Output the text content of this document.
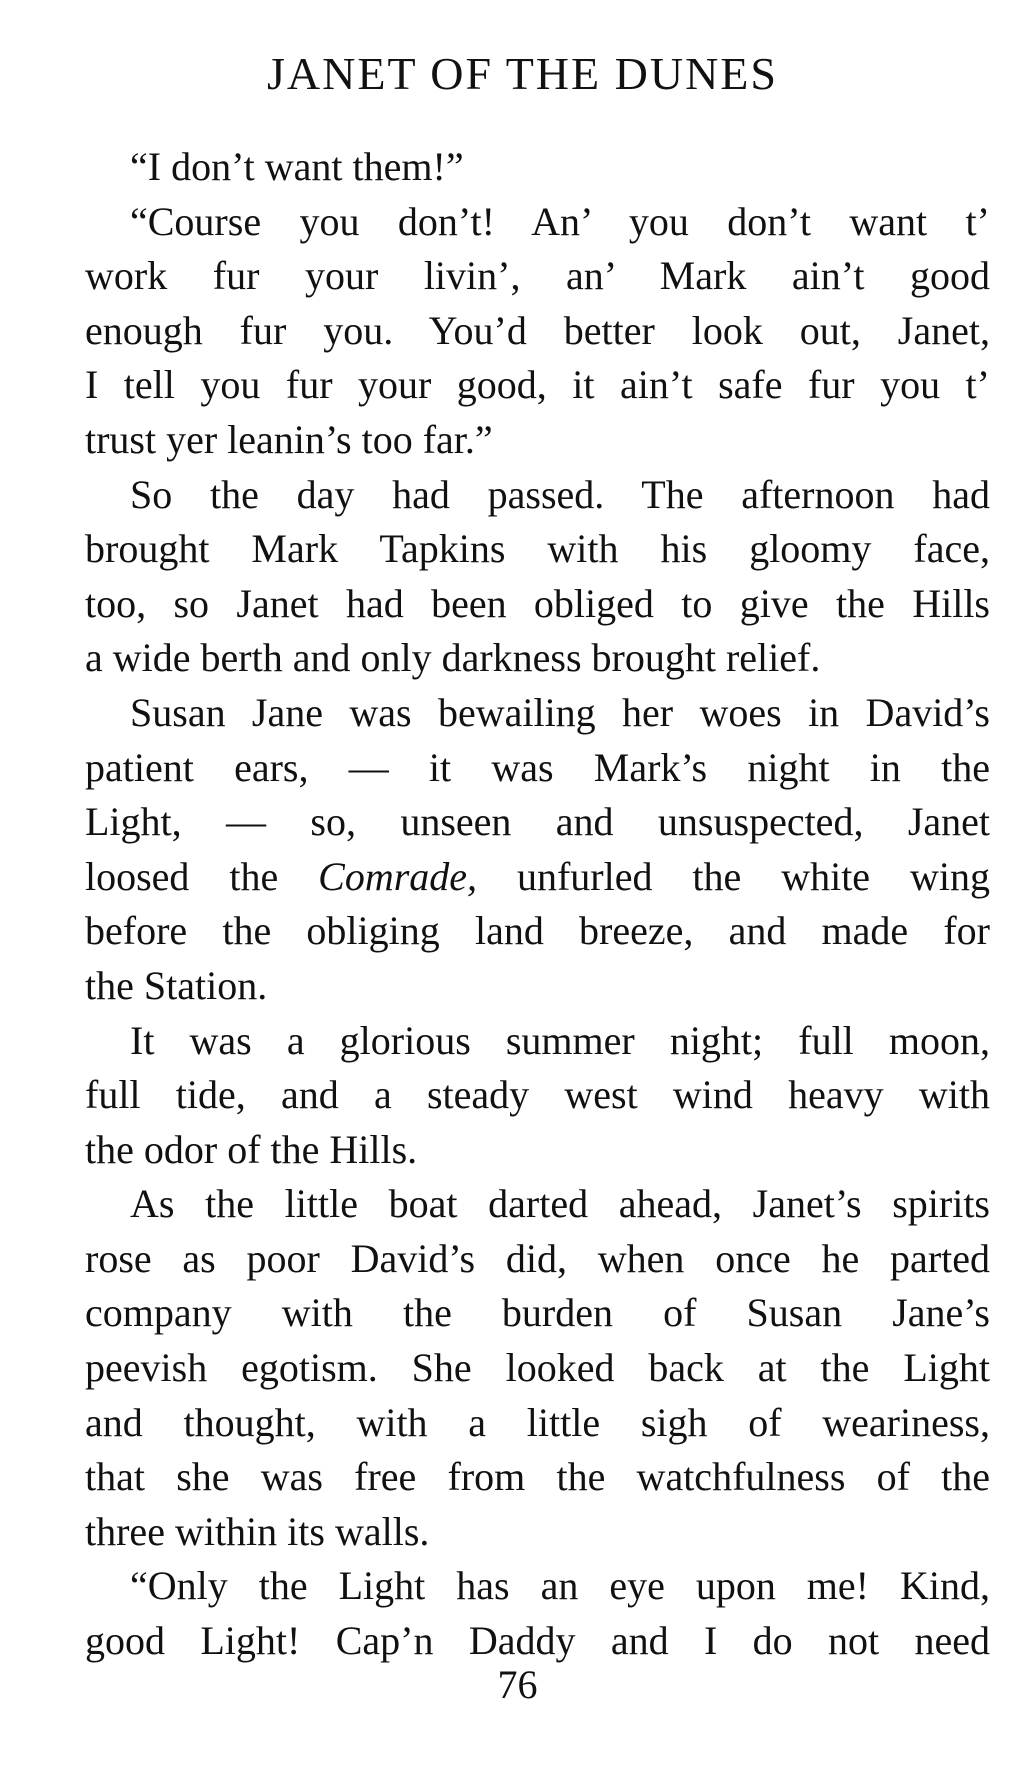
JANET OF THE DUNES

“I don’t want them!”

“Course you don’t! An’ you don’t want t’
work fur your livin’, an’ Mark ain’t good
enough fur you. You’d better look out, Janet,
I tell you fur your good, it ain’t safe fur you t’
trust yer leanin’s too far.”

So the day had passed. The afternoon had
brought Mark Tapkins with his gloomy face,
too, so Janet had been obliged to give the Hills
a wide berth and only darkness brought relief.

Susan Jane was bewailing her woes in David’s
patient ears, — it was Mark’s night in the
Light, — so, unseen and unsuspected, Janet
loosed the Comrade, unfurled the white wing
before the obliging land breeze, and made for
the Station.

It was a glorious summer night; full moon,
full tide, and a steady west wind heavy with
the odor of the Hills.

As the little boat darted ahead, Janet’s spirits
rose as poor David’s did, when once he parted
company with the burden of Susan Jane’s
peevish egotism. She looked back at the Light
and thought, with a little sigh of weariness,
that she was free from the watchfulness of the
three within its walls.

“Only the Light has an eye upon me! Kind,
good Light! Cap’n Daddy and I do not need

76
